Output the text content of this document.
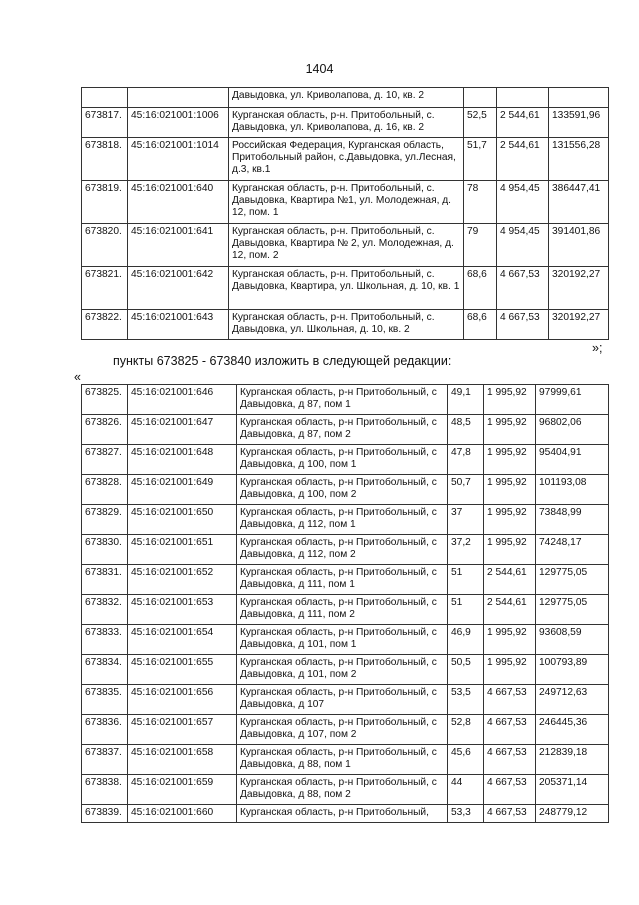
1404
		Давыдовка, ул. Криволапова, д. 10, кв. 2			
673817.	45:16:021001:1006	Курганская область, р-н. Притобольный, с. Давыдовка, ул. Криволапова, д. 16, кв. 2	52,5	2 544,61	133591,96
673818.	45:16:021001:1014	Российская Федерация, Курганская область, Притобольный район, с.Давыдовка, ул.Лесная, д.3, кв.1	51,7	2 544,61	131556,28
673819.	45:16:021001:640	Курганская область, р-н. Притобольный, с. Давыдовка, Квартира №1, ул. Молодежная, д. 12, пом. 1	78	4 954,45	386447,41
673820.	45:16:021001:641	Курганская область, р-н. Притобольный, с. Давыдовка, Квартира № 2, ул. Молодежная, д. 12, пом. 2	79	4 954,45	391401,86
673821.	45:16:021001:642	Курганская область, р-н. Притобольный, с. Давыдовка, Квартира, ул. Школьная, д. 10, кв. 1	68,6	4 667,53	320192,27
673822.	45:16:021001:643	Курганская область, р-н. Притобольный, с. Давыдовка, ул. Школьная, д. 10, кв. 2	68,6	4 667,53	320192,27
»;
пункты 673825 - 673840 изложить в следующей редакции:
«
673825.	45:16:021001:646	Курганская область, р-н Притобольный, с Давыдовка, д 87, пом 1	49,1	1 995,92	97999,61
673826.	45:16:021001:647	Курганская область, р-н Притобольный, с Давыдовка, д 87, пом 2	48,5	1 995,92	96802,06
673827.	45:16:021001:648	Курганская область, р-н Притобольный, с Давыдовка, д 100, пом 1	47,8	1 995,92	95404,91
673828.	45:16:021001:649	Курганская область, р-н Притобольный, с Давыдовка, д 100, пом 2	50,7	1 995,92	101193,08
673829.	45:16:021001:650	Курганская область, р-н Притобольный, с Давыдовка, д 112, пом 1	37	1 995,92	73848,99
673830.	45:16:021001:651	Курганская область, р-н Притобольный, с Давыдовка, д 112, пом 2	37,2	1 995,92	74248,17
673831.	45:16:021001:652	Курганская область, р-н Притобольный, с Давыдовка, д 111, пом 1	51	2 544,61	129775,05
673832.	45:16:021001:653	Курганская область, р-н Притобольный, с Давыдовка, д 111, пом 2	51	2 544,61	129775,05
673833.	45:16:021001:654	Курганская область, р-н Притобольный, с Давыдовка, д 101, пом 1	46,9	1 995,92	93608,59
673834.	45:16:021001:655	Курганская область, р-н Притобольный, с Давыдовка, д 101, пом 2	50,5	1 995,92	100793,89
673835.	45:16:021001:656	Курганская область, р-н Притобольный, с Давыдовка, д 107	53,5	4 667,53	249712,63
673836.	45:16:021001:657	Курганская область, р-н Притобольный, с Давыдовка, д 107, пом 2	52,8	4 667,53	246445,36
673837.	45:16:021001:658	Курганская область, р-н Притобольный, с Давыдовка, д 88, пом 1	45,6	4 667,53	212839,18
673838.	45:16:021001:659	Курганская область, р-н Притобольный, с Давыдовка, д 88, пом 2	44	4 667,53	205371,14
673839.	45:16:021001:660	Курганская область, р-н Притобольный,	53,3	4 667,53	248779,12
